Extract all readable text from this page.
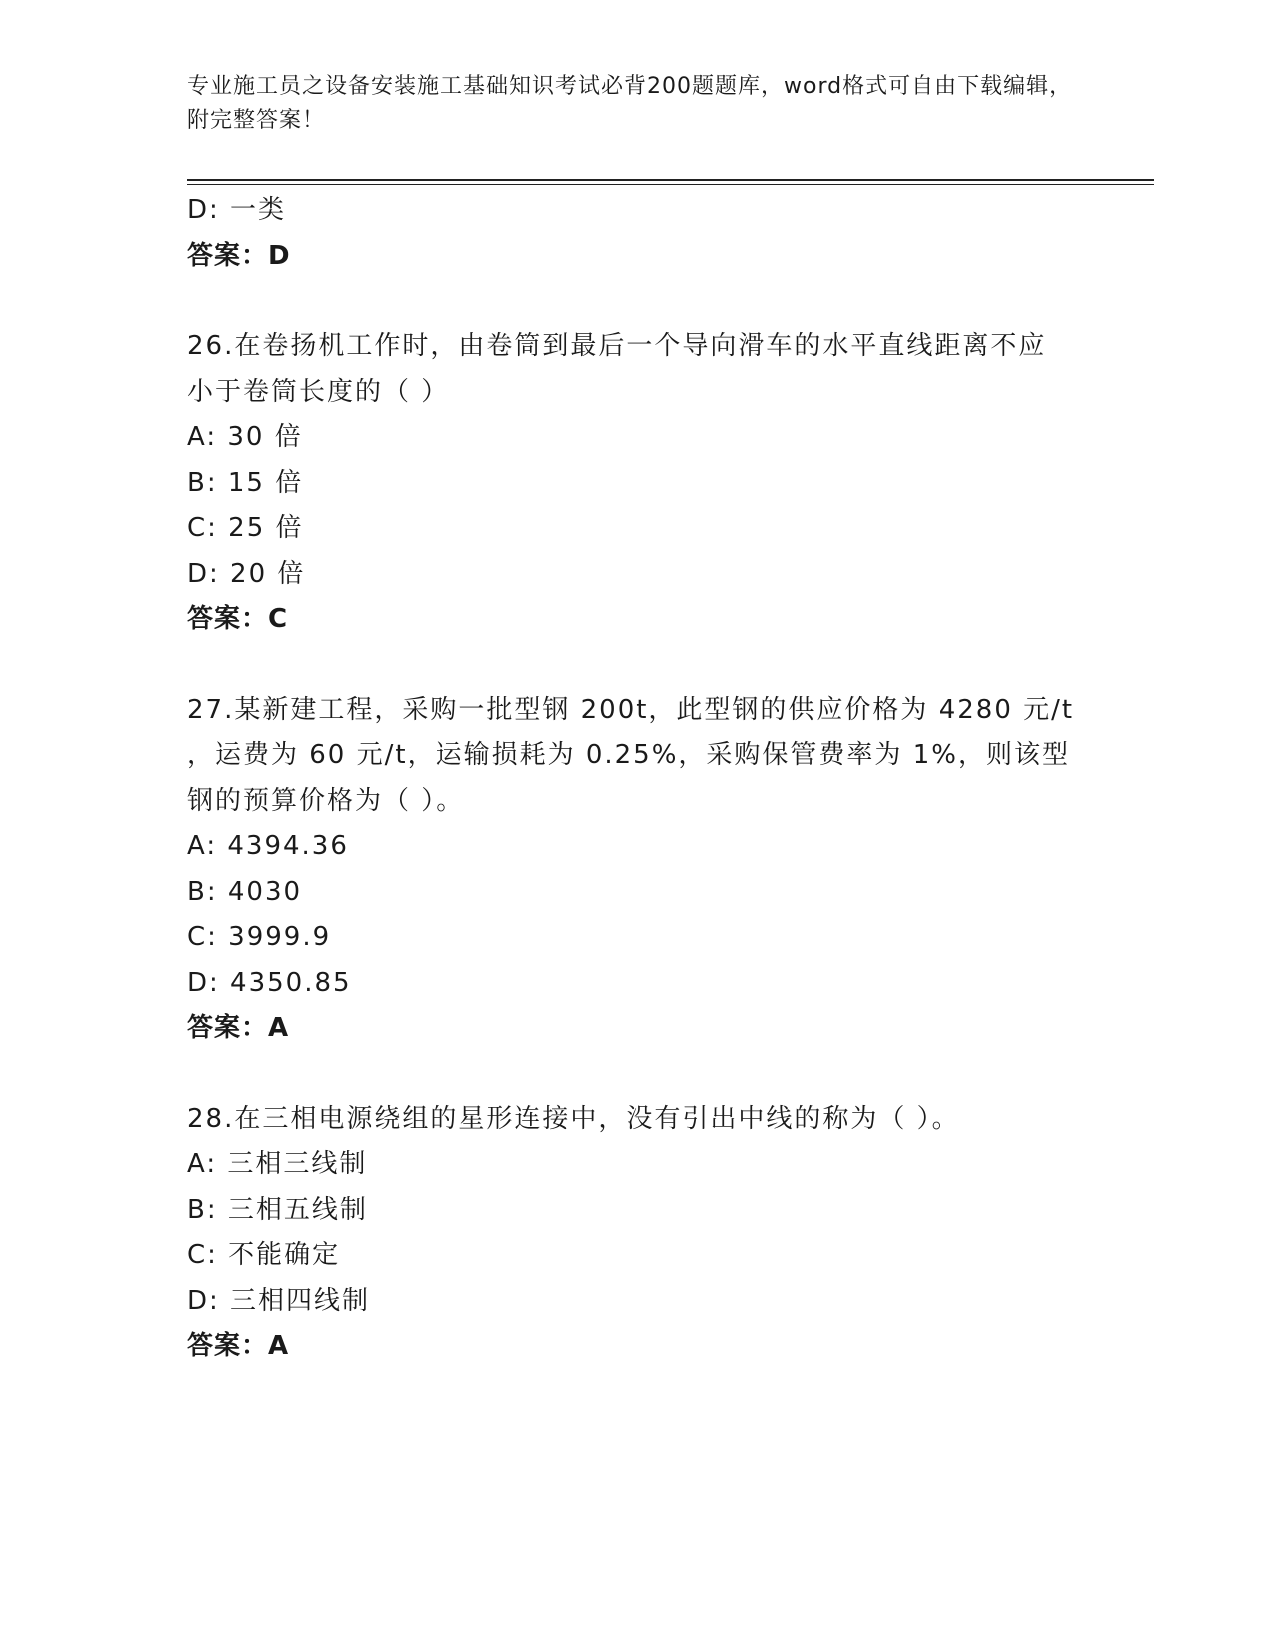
专业施工员之设备安装施工基础知识考试必背200题题库，word格式可自由下载编辑，附完整答案！
D: 一类
答案：D
26.在卷扬机工作时，由卷筒到最后一个导向滑车的水平直线距离不应
小于卷筒长度的（ ）
A: 30 倍
B: 15 倍
C: 25 倍
D: 20 倍
答案：C
27.某新建工程，采购一批型钢 200t，此型钢的供应价格为 4280 元/t
，运费为 60 元/t，运输损耗为 0.25%，采购保管费率为 1%，则该型
钢的预算价格为（ ）。
A: 4394.36
B: 4030
C: 3999.9
D: 4350.85
答案：A
28.在三相电源绕组的星形连接中，没有引出中线的称为（ ）。
A: 三相三线制
B: 三相五线制
C: 不能确定
D: 三相四线制
答案：A
